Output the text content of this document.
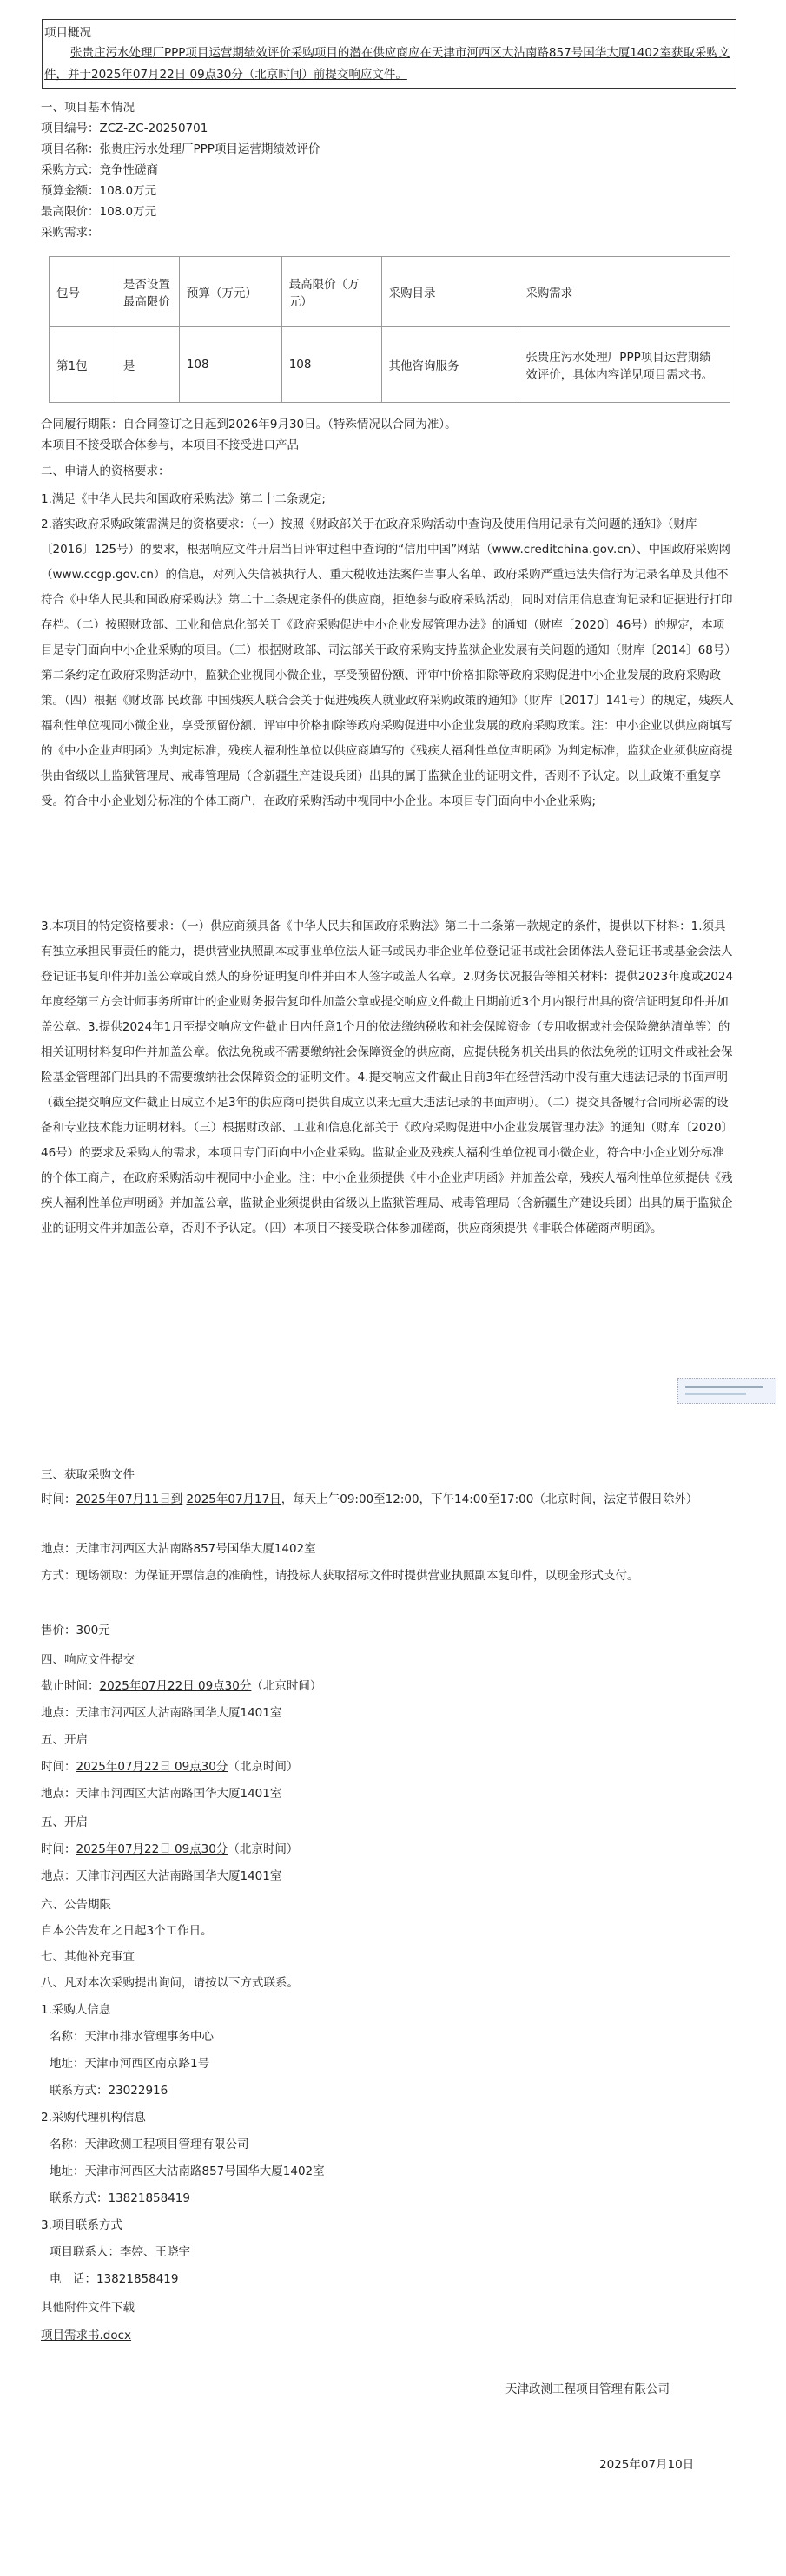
项目概况
张贵庄污水处理厂PPP项目运营期绩效评价采购项目的潜在供应商应在天津市河西区大沽南路857号国华大厦1402室获取采购文件，并于2025年07月22日 09点30分（北京时间）前提交响应文件。
一、项目基本情况
项目编号：ZCZ-ZC-20250701
项目名称：张贵庄污水处理厂PPP项目运营期绩效评价
采购方式：竞争性磋商
预算金额：108.0万元
最高限价：108.0万元
采购需求：
包号	是否设置最高限价	预算（万元）	最高限价（万元）	采购目录	采购需求
第1包	是	108	108	其他咨询服务	张贵庄污水处理厂PPP项目运营期绩效评价，具体内容详见项目需求书。
合同履行期限：自合同签订之日起到2026年9月30日。（特殊情况以合同为准）。
本项目不接受联合体参与，本项目不接受进口产品
二、申请人的资格要求：
1.满足《中华人民共和国政府采购法》第二十二条规定;
2.落实政府采购政策需满足的资格要求：（一）按照《财政部关于在政府采购活动中查询及使用信用记录有关问题的通知》（财库〔2016〕125号）的要求，根据响应文件开启当日评审过程中查询的“信用中国”网站（www.creditchina.gov.cn）、中国政府采购网（www.ccgp.gov.cn）的信息，对列入失信被执行人、重大税收违法案件当事人名单、政府采购严重违法失信行为记录名单及其他不符合《中华人民共和国政府采购法》第二十二条规定条件的供应商，拒绝参与政府采购活动，同时对信用信息查询记录和证据进行打印存档。（二）按照财政部、工业和信息化部关于《政府采购促进中小企业发展管理办法》的通知（财库〔2020〕46号）的规定，本项目是专门面向中小企业采购的项目。（三）根据财政部、司法部关于政府采购支持监狱企业发展有关问题的通知（财库〔2014〕68号）第二条约定在政府采购活动中，监狱企业视同小微企业，享受预留份额、评审中价格扣除等政府采购促进中小企业发展的政府采购政策。（四）根据《财政部 民政部 中国残疾人联合会关于促进残疾人就业政府采购政策的通知》（财库〔2017〕141号）的规定，残疾人福利性单位视同小微企业，享受预留份额、评审中价格扣除等政府采购促进中小企业发展的政府采购政策。注：中小企业以供应商填写的《中小企业声明函》为判定标准，残疾人福利性单位以供应商填写的《残疾人福利性单位声明函》为判定标准，监狱企业须供应商提供由省级以上监狱管理局、戒毒管理局（含新疆生产建设兵团）出具的属于监狱企业的证明文件，否则不予认定。以上政策不重复享受。符合中小企业划分标准的个体工商户，在政府采购活动中视同中小企业。本项目专门面向中小企业采购;
3.本项目的特定资格要求：（一）供应商须具备《中华人民共和国政府采购法》第二十二条第一款规定的条件，提供以下材料：1.须具有独立承担民事责任的能力，提供营业执照副本或事业单位法人证书或民办非企业单位登记证书或社会团体法人登记证书或基金会法人登记证书复印件并加盖公章或自然人的身份证明复印件并由本人签字或盖人名章。2.财务状况报告等相关材料：提供2023年度或2024年度经第三方会计师事务所审计的企业财务报告复印件加盖公章或提交响应文件截止日期前近3个月内银行出具的资信证明复印件并加盖公章。3.提供2024年1月至提交响应文件截止日内任意1个月的依法缴纳税收和社会保障资金（专用收据或社会保险缴纳清单等）的相关证明材料复印件并加盖公章。依法免税或不需要缴纳社会保障资金的供应商，应提供税务机关出具的依法免税的证明文件或社会保险基金管理部门出具的不需要缴纳社会保障资金的证明文件。4.提交响应文件截止日前3年在经营活动中没有重大违法记录的书面声明（截至提交响应文件截止日成立不足3年的供应商可提供自成立以来无重大违法记录的书面声明）。（二）提交具备履行合同所必需的设备和专业技术能力证明材料。（三）根据财政部、工业和信息化部关于《政府采购促进中小企业发展管理办法》的通知（财库〔2020〕46号）的要求及采购人的需求，本项目专门面向中小企业采购。监狱企业及残疾人福利性单位视同小微企业，符合中小企业划分标准的个体工商户，在政府采购活动中视同中小企业。注：中小企业须提供《中小企业声明函》并加盖公章，残疾人福利性单位须提供《残疾人福利性单位声明函》并加盖公章，监狱企业须提供由省级以上监狱管理局、戒毒管理局（含新疆生产建设兵团）出具的属于监狱企业的证明文件并加盖公章，否则不予认定。（四）本项目不接受联合体参加磋商，供应商须提供《非联合体磋商声明函》。
三、获取采购文件
时间：2025年07月11日到 2025年07月17日，每天上午09:00至12:00，下午14:00至17:00（北京时间，法定节假日除外）
地点：天津市河西区大沽南路857号国华大厦1402室
方式：现场领取：为保证开票信息的准确性，请投标人获取招标文件时提供营业执照副本复印件，以现金形式支付。
售价：300元
四、响应文件提交
截止时间：2025年07月22日 09点30分（北京时间）
地点：天津市河西区大沽南路国华大厦1401室
五、开启
时间：2025年07月22日 09点30分（北京时间）
地点：天津市河西区大沽南路国华大厦1401室
五、开启
时间：2025年07月22日 09点30分（北京时间）
地点：天津市河西区大沽南路国华大厦1401室
六、公告期限
自本公告发布之日起3个工作日。
七、其他补充事宜
八、凡对本次采购提出询问，请按以下方式联系。
1.采购人信息
名称：天津市排水管理事务中心
地址：天津市河西区南京路1号
联系方式：23022916
2.采购代理机构信息
名称：天津政测工程项目管理有限公司
地址：天津市河西区大沽南路857号国华大厦1402室
联系方式：13821858419
3.项目联系方式
项目联系人：李婷、王晓宇
电　话：13821858419
其他附件文件下载
项目需求书.docx
天津政测工程项目管理有限公司
2025年07月10日
